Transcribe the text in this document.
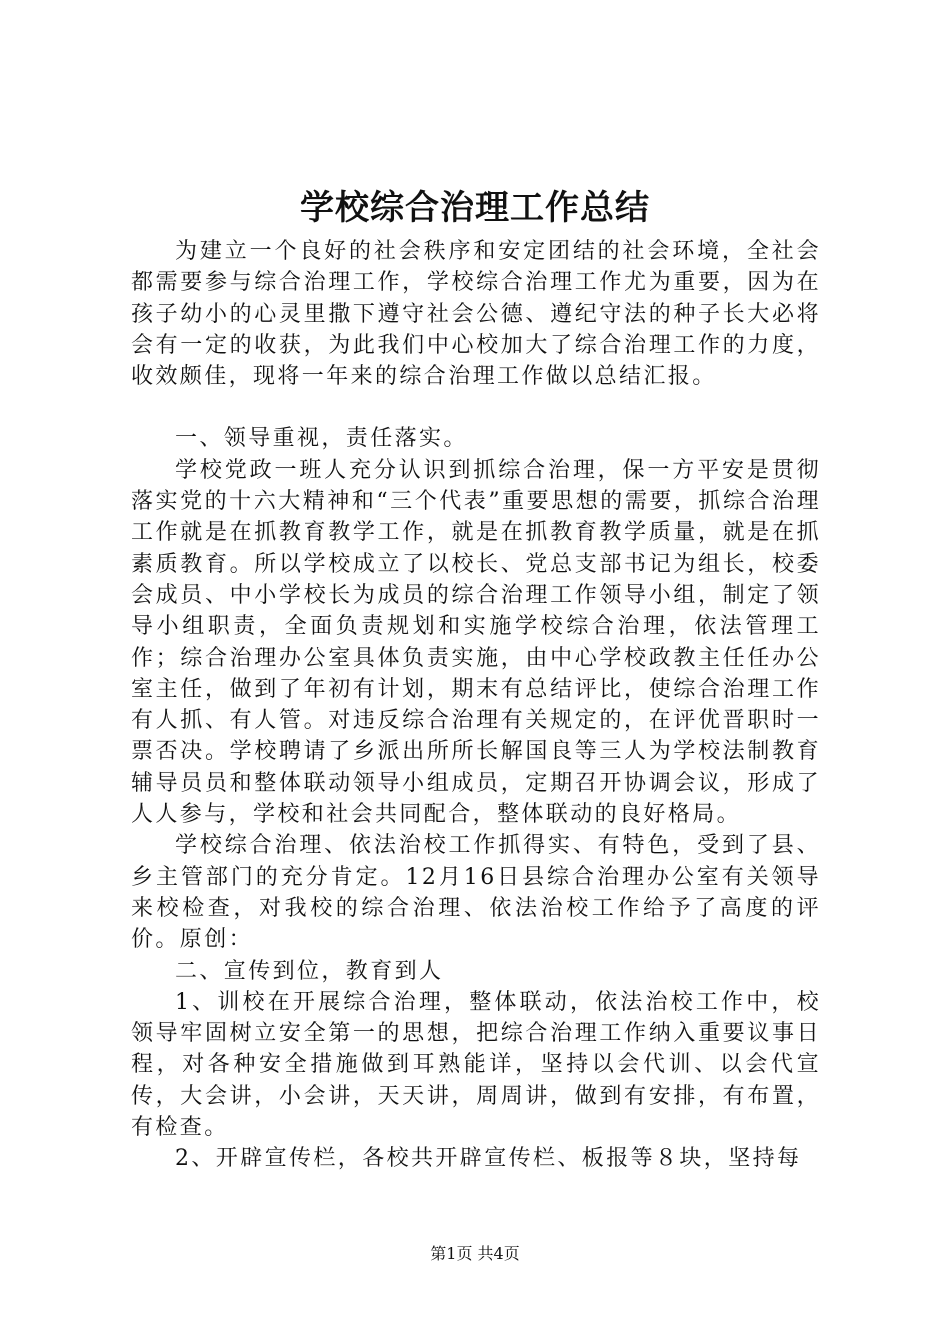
学校综合治理工作总结

为建立一个良好的社会秩序和安定团结的社会环境，全社会都需要参与综合治理工作，学校综合治理工作尤为重要，因为在孩子幼小的心灵里撒下遵守社会公德、遵纪守法的种子长大必将会有一定的收获，为此我们中心校加大了综合治理工作的力度，收效颇佳，现将一年来的综合治理工作做以总结汇报。

一、领导重视，责任落实。

学校党政一班人充分认识到抓综合治理，保一方平安是贯彻落实党的十六大精神和“三个代表”重要思想的需要，抓综合治理工作就是在抓教育教学工作，就是在抓教育教学质量，就是在抓素质教育。所以学校成立了以校长、党总支部书记为组长，校委会成员、中小学校长为成员的综合治理工作领导小组，制定了领导小组职责，全面负责规划和实施学校综合治理，依法管理工作；综合治理办公室具体负责实施，由中心学校政教主任任办公室主任，做到了年初有计划，期末有总结评比，使综合治理工作有人抓、有人管。对违反综合治理有关规定的，在评优晋职时一票否决。学校聘请了乡派出所所长解国良等三人为学校法制教育辅导员员和整体联动领导小组成员，定期召开协调会议，形成了人人参与，学校和社会共同配合，整体联动的良好格局。

学校综合治理、依法治校工作抓得实、有特色，受到了县、乡主管部门的充分肯定。12月16日县综合治理办公室有关领导来校检查，对我校的综合治理、依法治校工作给予了高度的评价。原创：

二、宣传到位，教育到人

1、训校在开展综合治理，整体联动，依法治校工作中，校领导牢固树立安全第一的思想，把综合治理工作纳入重要议事日程，对各种安全措施做到耳熟能详，坚持以会代训、以会代宣传，大会讲，小会讲，天天讲，周周讲，做到有安排，有布置，有检查。

2、开辟宣传栏，各校共开辟宣传栏、板报等８块，坚持每

第1页 共4页
